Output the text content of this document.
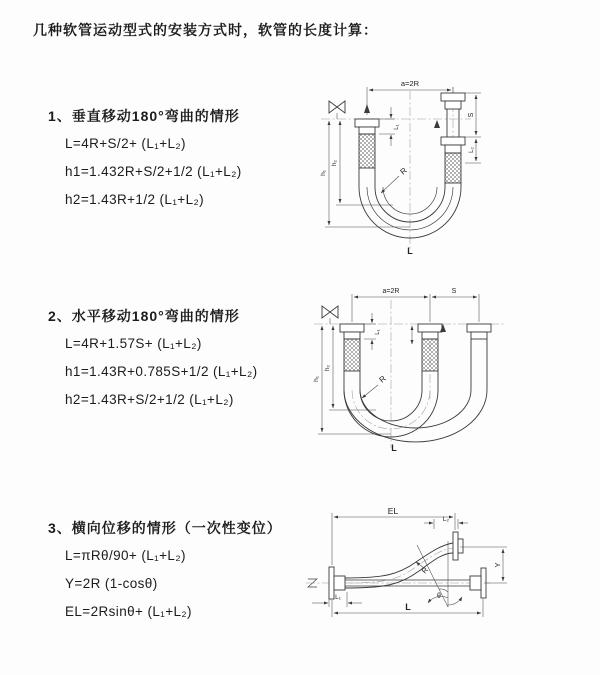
几种软管运动型式的安装方式时，软管的长度计算：
1、垂直移动180°弯曲的情形
L=4R+S/2+ (L₁+L₂)
h1=1.432R+S/2+1/2 (L₁+L₂)
h2=1.43R+1/2 (L₁+L₂)
2、水平移动180°弯曲的情形
L=4R+1.57S+ (L₁+L₂)
h1=1.43R+0.785S+1/2 (L₁+L₂)
h2=1.43R+S/2+1/2 (L₁+L₂)
3、横向位移的情形（一次性变位）
L=πRθ/90+ (L₁+L₂)
Y=2R (1-cosθ)
EL=2Rsinθ+ (L₁+L₂)
a=2R
S
L₂
L₁
h₁
h₂
R
L
a=2R	S
L₁
h₁
h₂
R
L
θ
R
EL
L₂
Y
L
L₁
